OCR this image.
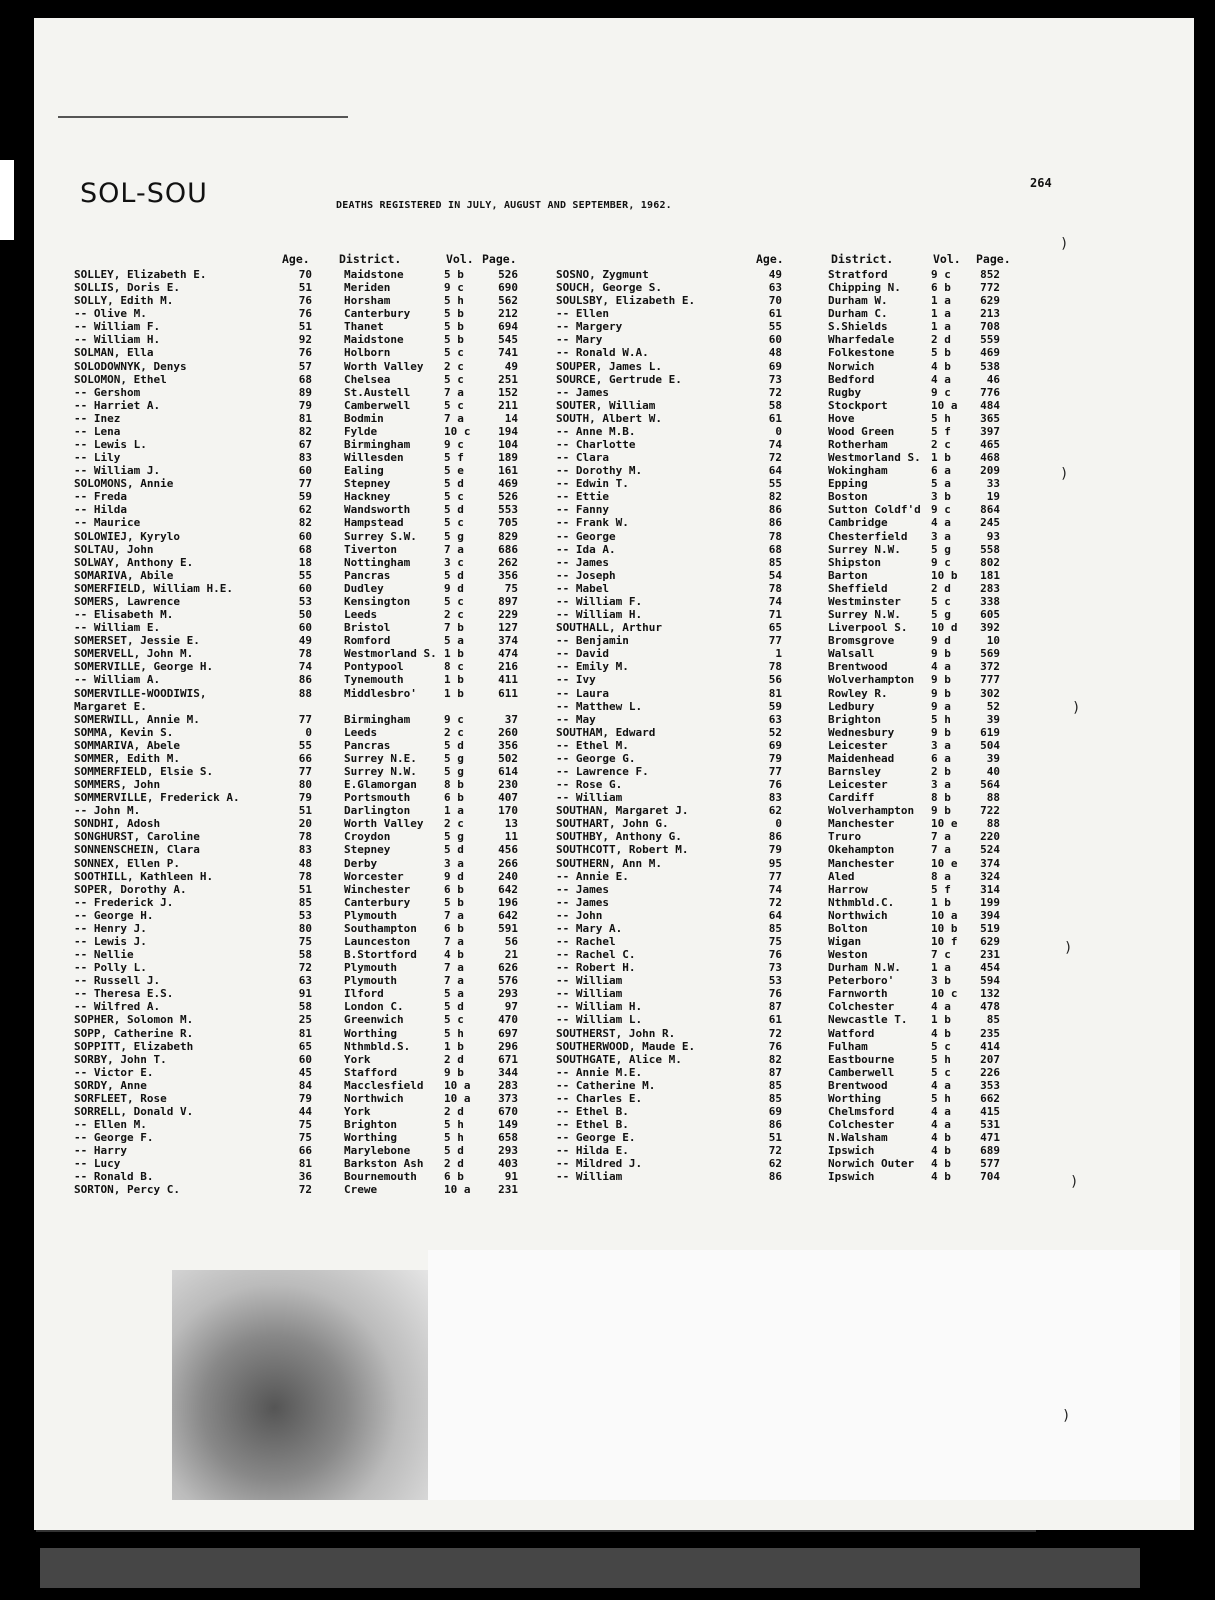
SOL-SOU	DEATHS REGISTERED IN JULY, AUGUST AND SEPTEMBER, 1962.
264
Age.	District.	Vol. Page.
SOLLEY, Elizabeth E.	70	Maidstone	5 b	526
SOLLIS, Doris E.	51	Meriden	9 c	690
SOLLY, Edith M.	76	Horsham	5 h	562
-- Olive M.	76	Canterbury	5 b	212
-- William F.	51	Thanet	5 b	694
-- William H.	92	Maidstone	5 b	545
SOLMAN, Ella	76	Holborn	5 c	741
SOLODOWNYK, Denys	57	Worth Valley 2 c	49
SOLOMON, Ethel	68	Chelsea	5 c	251
-- Gershom	89	St.Austell	7 a	152
-- Harriet A.	79	Camberwell	5 c	211
-- Inez	81	Bodmin	7 a	14
-- Lena	82	Fylde	10 c	194
-- Lewis L.	67	Birmingham	9 c	104
-- Lily	83	Willesden	5 f	189
-- William J.	60	Ealing	5 e	161
SOLOMONS, Annie	77	Stepney	5 d	469
-- Freda	59	Hackney	5 c	526
-- Hilda	62	Wandsworth	5 d	553
-- Maurice	82	Hampstead	5 c	705
SOLOWIEJ, Kyrylo	60	Surrey S.W. 5 g	829
SOLTAU, John	68	Tiverton	7 a	686
SOLWAY, Anthony E.	18	Nottingham	3 c	262
SOMARIVA, Abile	55	Pancras	5 d	356
SOMERFIELD, William H.E.	60	Dudley	9 d	75
SOMERS, Lawrence	53	Kensington	5 c	897
-- Elisabeth M.	50	Leeds	2 c	229
-- William E.	60	Bristol	7 b	127
SOMERSET, Jessie E.	49	Romford	5 a	374
SOMERVELL, John M.	78	Westmorland S. 1 b	474
SOMERVILLE, George H.	74	Pontypool	8 c	216
-- William A.	86	Tynemouth	1 b	411
SOMERVILLE-WOODIWIS,	88	Middlesbro' 1 b	611
Margaret E.
SOMERWILL, Annie M.	77	Birmingham	9 c	37
SOMMA, Kevin S.	0	Leeds	2 c	260
SOMMARIVA, Abele	55	Pancras	5 d	356
SOMMER, Edith M.	66	Surrey N.E. 5 g	502
SOMMERFIELD, Elsie S.	77	Surrey N.W. 5 g	614
SOMMERS, John	80	E.Glamorgan 8 b	230
SOMMERVILLE, Frederick A.	79	Portsmouth	6 b	407
-- John M.	51	Darlington	1 a	170
SONDHI, Adosh	20	Worth Valley 2 c	13
SONGHURST, Caroline	78	Croydon	5 g	11
SONNENSCHEIN, Clara	83	Stepney	5 d	456
SONNEX, Ellen P.	48	Derby	3 a	266
SOOTHILL, Kathleen H.	78	Worcester	9 d	240
SOPER, Dorothy A.	51	Winchester	6 b	642
-- Frederick J.	85	Canterbury	5 b	196
-- George H.	53	Plymouth	7 a	642
-- Henry J.	80	Southampton 6 b	591
-- Lewis J.	75	Launceston	7 a	56
-- Nellie	58	B.Stortford 4 b	21
-- Polly L.	72	Plymouth	7 a	626
-- Russell J.	63	Plymouth	7 a	576
-- Theresa E.S.	91	Ilford	5 a	293
-- Wilfred A.	58	London C.	5 d	97
SOPHER, Solomon M.	25	Greenwich	5 c	470
SOPP, Catherine R.	81	Worthing	5 h	697
SOPPITT, Elizabeth	65	Nthmbld.S.	1 b	296
SORBY, John T.	60	York	2 d	671
-- Victor E.	45	Stafford	9 b	344
SORDY, Anne	84	Macclesfield 10 a	283
SORFLEET, Rose	79	Northwich	10 a	373
SORRELL, Donald V.	44	York	2 d	670
-- Ellen M.	75	Brighton	5 h	149
-- George F.	75	Worthing	5 h	658
-- Harry	66	Marylebone	5 d	293
-- Lucy	81	Barkston Ash 2 d	403
-- Ronald B.	36	Bournemouth 6 b	91
SORTON, Percy C.	72	Crewe	10 a	231
Age.	District.	Vol. Page.
SOSNO, Zygmunt	49	Stratford	9 c	852
SOUCH, George S.	63	Chipping N.	6 b	772
SOULSBY, Elizabeth E.	70	Durham W.	1 a	629
-- Ellen	61	Durham C.	1 a	213
-- Margery	55	S.Shields	1 a	708
-- Mary	60	Wharfedale	2 d	559
-- Ronald W.A.	48	Folkestone	5 b	469
SOUPER, James L.	69	Norwich	4 b	538
SOURCE, Gertrude E.	73	Bedford	4 a	46
-- James	72	Rugby	9 c	776
SOUTER, William	58	Stockport	10 a	484
SOUTH, Albert W.	61	Hove	5 h	365
-- Anne M.B.	0	Wood Green	5 f	397
-- Charlotte	74	Rotherham	2 c	465
-- Clara	72	Westmorland S. 1 b	468
-- Dorothy M.	64	Wokingham	6 a	209
-- Edwin T.	55	Epping	5 a	33
-- Ettie	82	Boston	3 b	19
-- Fanny	86	Sutton Coldf'd 9 c	864
-- Frank W.	86	Cambridge	4 a	245
-- George	78	Chesterfield 3 a	93
-- Ida A.	68	Surrey N.W.	5 g	558
-- James	85	Shipston	9 c	802
-- Joseph	54	Barton	10 b	181
-- Mabel	78	Sheffield	2 d	283
-- William F.	74	Westminster	5 c	338
-- William H.	71	Surrey N.W.	5 g	605
SOUTHALL, Arthur	65	Liverpool S. 10 d	392
-- Benjamin	77	Bromsgrove	9 d	10
-- David	1	Walsall	9 b	569
-- Emily M.	78	Brentwood	4 a	372
-- Ivy	56	Wolverhampton 9 b	777
-- Laura	81	Rowley R.	9 b	302
-- Matthew L.	59	Ledbury	9 a	52
-- May	63	Brighton	5 h	39
SOUTHAM, Edward	52	Wednesbury	9 b	619
-- Ethel M.	69	Leicester	3 a	504
-- George G.	79	Maidenhead	6 a	39
-- Lawrence F.	77	Barnsley	2 b	40
-- Rose G.	76	Leicester	3 a	564
-- William	83	Cardiff	8 b	88
SOUTHAN, Margaret J.	62	Wolverhampton 9 b	722
SOUTHART, John G.	0	Manchester	10 e	88
SOUTHBY, Anthony G.	86	Truro	7 a	220
SOUTHCOTT, Robert M.	79	Okehampton	7 a	524
SOUTHERN, Ann M.	95	Manchester	10 e	374
-- Annie E.	77	Aled	8 a	324
-- James	74	Harrow	5 f	314
-- James	72	Nthmbld.C.	1 b	199
-- John	64	Northwich	10 a	394
-- Mary A.	85	Bolton	10 b	519
-- Rachel	75	Wigan	10 f	629
-- Rachel C.	76	Weston	7 c	231
-- Robert H.	73	Durham N.W.	1 a	454
-- William	53	Peterboro'	3 b	594
-- William	76	Farnworth	10 c	132
-- William H.	87	Colchester	4 a	478
-- William L.	61	Newcastle T. 1 b	85
SOUTHERST, John R.	72	Watford	4 b	235
SOUTHERWOOD, Maude E.	76	Fulham	5 c	414
SOUTHGATE, Alice M.	82	Eastbourne	5 h	207
-- Annie M.E.	87	Camberwell	5 c	226
-- Catherine M.	85	Brentwood	4 a	353
-- Charles E.	85	Worthing	5 h	662
-- Ethel B.	69	Chelmsford	4 a	415
-- Ethel B.	86	Colchester	4 a	531
-- George E.	51	N.Walsham	4 b	471
-- Hilda E.	72	Ipswich	4 b	689
-- Mildred J.	62	Norwich Outer 4 b	577
-- William	86	Ipswich	4 b	704
)
)
)
)
)
)
